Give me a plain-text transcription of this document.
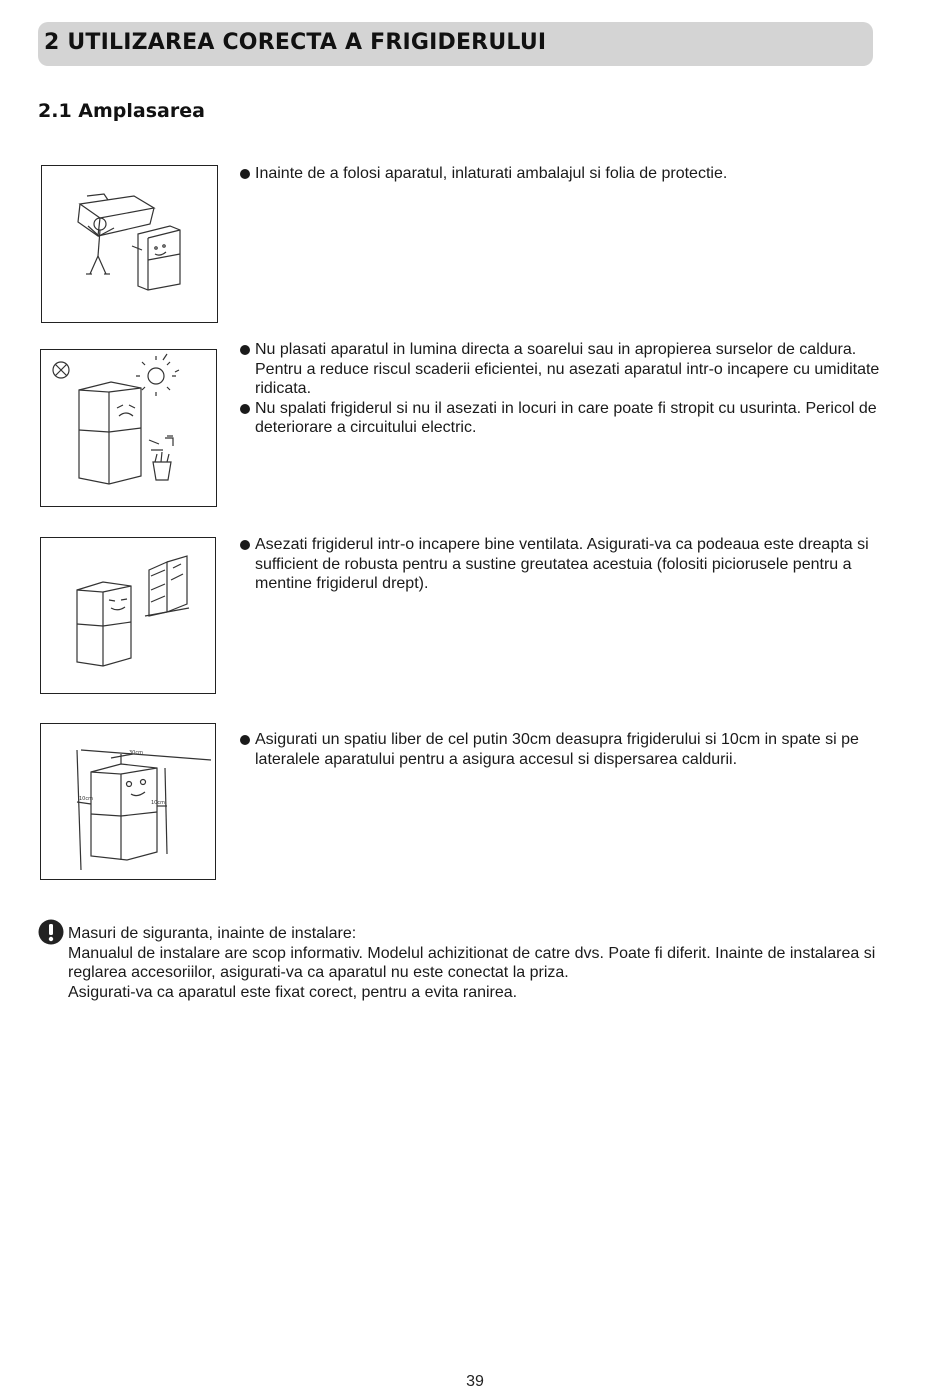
2 UTILIZAREA CORECTA A FRIGIDERULUI
2.1 Amplasarea
Inainte de a folosi aparatul, inlaturati ambalajul si folia de protectie.
Nu plasati aparatul in lumina directa a soarelui sau in apropierea surselor de caldura. Pentru a reduce riscul scaderii eficientei, nu asezati aparatul intr-o incapere cu umiditate ridicata.
Nu spalati frigiderul si nu il asezati in locuri in care poate fi stropit cu usurinta. Pericol de deteriorare a circuitului electric.
Asezati frigiderul intr-o incapere bine ventilata. Asigurati-va ca podeaua este dreapta si sufficient de robusta pentru a sustine greutatea acestuia (folositi piciorusele pentru a mentine frigiderul drept).
30cm
10cm
10cm
Asigurati un spatiu liber de cel putin 30cm deasupra frigiderului si 10cm in spate si pe lateralele aparatului pentru a asigura accesul si dispersarea caldurii.

Masuri de siguranta, inainte de instalare:

Manualul de instalare are scop informativ. Modelul achizitionat de catre dvs. Poate fi diferit. Inainte de instalarea si reglarea accesoriilor, asigurati-va ca aparatul nu este conectat la priza.

Asigurati-va ca aparatul este fixat corect, pentru a evita ranirea.

39
